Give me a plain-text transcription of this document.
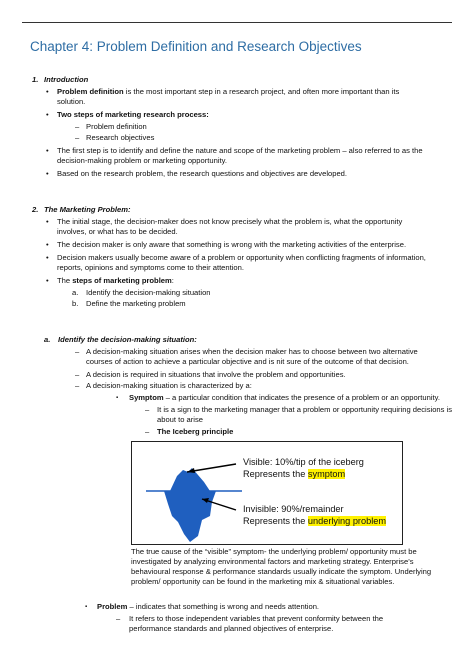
Chapter 4: Problem Definition and Research Objectives
1. Introduction
• Problem definition is the most important step in a research project, and often more important than its
solution.
• Two steps of marketing research process:
– Problem definition
– Research objectives
• The first step is to identify and define the nature and scope of the marketing problem – also referred to as the
decision-making problem or marketing opportunity.
• Based on the research problem, the research questions and objectives are developed.
2. The Marketing Problem:
• The initial stage, the decision-maker does not know precisely what the problem is, what the opportunity
involves, or what has to be decided.
• The decision maker is only aware that something is wrong with the marketing activities of the enterprise.
• Decision makers usually become aware of a problem or opportunity when conflicting fragments of information,
reports, opinions and symptoms come to their attention.
• The steps of marketing problem:
a. Identify the decision-making situation
b. Define the marketing problem
a. Identify the decision-making situation:
– A decision-making situation arises when the decision maker has to choose between two alternative
courses of action to achieve a particular objective and is nit sure of the outcome of that decision.
– A decision is required in situations that involve the problem and opportunities.
– A decision-making situation is characterized by a:
▪ Symptom – a particular condition that indicates the presence of a problem or an opportunity.
– It is a sign to the marketing manager that a problem or opportunity requiring decisions is
about to arise
– The Iceberg principle
Visible: 10%/tip of the iceberg
Represents the symptom
Invisible: 90%/remainder
Represents the underlying problem
The true cause of the “visible” symptom- the underlying problem/ opportunity must be
investigated by analyzing environmental factors and marketing strategy. Enterprise’s
behavioural response & performance standards usually indicate the symptom. Underlying
problem/ opportunity can be found in the marketing mix & situational variables.
▪ Problem – indicates that something is wrong and needs attention.
– It refers to those independent variables that prevent conformity between the
performance standards and planned objectives of enterprise.
